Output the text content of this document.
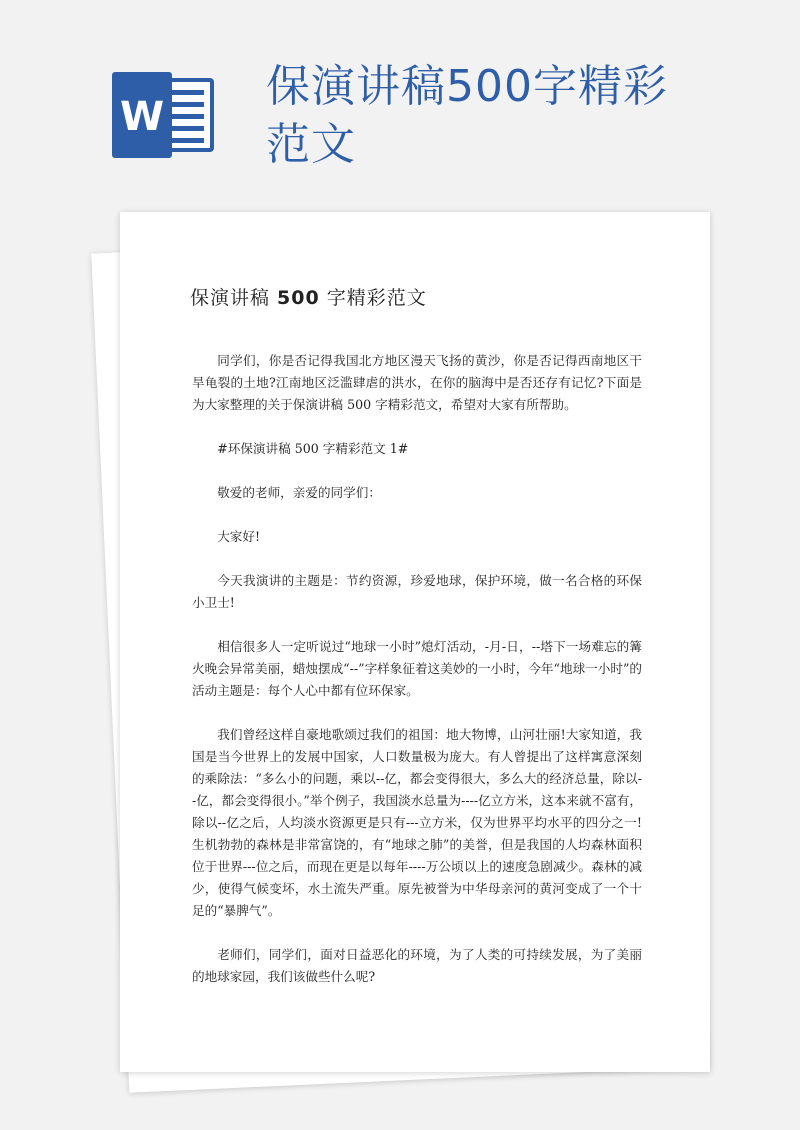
W
保演讲稿500字精彩范文
保演讲稿 500 字精彩范文

同学们，你是否记得我国北方地区漫天飞扬的黄沙，你是否记得西南地区干旱龟裂的土地?江南地区泛滥肆虐的洪水，在你的脑海中是否还存有记忆?下面是为大家整理的关于保演讲稿 500 字精彩范文，希望对大家有所帮助。

#环保演讲稿 500 字精彩范文 1#

敬爱的老师，亲爱的同学们：

大家好!

今天我演讲的主题是：节约资源，珍爱地球，保护环境，做一名合格的环保小卫士!

相信很多人一定听说过“地球一小时”熄灯活动，-月-日，--塔下一场难忘的篝火晚会异常美丽，蜡烛摆成“--”字样象征着这美妙的一小时，今年“地球一小时”的活动主题是：每个人心中都有位环保家。

我们曾经这样自豪地歌颂过我们的祖国：地大物博，山河壮丽!大家知道，我国是当今世界上的发展中国家，人口数量极为庞大。有人曾提出了这样寓意深刻的乘除法：“多么小的问题，乘以--亿，都会变得很大，多么大的经济总量，除以--亿，都会变得很小。”举个例子，我国淡水总量为----亿立方米，这本来就不富有，除以--亿之后，人均淡水资源更是只有---立方米，仅为世界平均水平的四分之一!生机勃勃的森林是非常富饶的，有“地球之肺”的美誉，但是我国的人均森林面积位于世界---位之后，而现在更是以每年----万公顷以上的速度急剧减少。森林的减少，使得气候变坏，水土流失严重。原先被誉为中华母亲河的黄河变成了一个十足的“暴脾气”。

老师们，同学们，面对日益恶化的环境，为了人类的可持续发展，为了美丽的地球家园，我们该做些什么呢?
